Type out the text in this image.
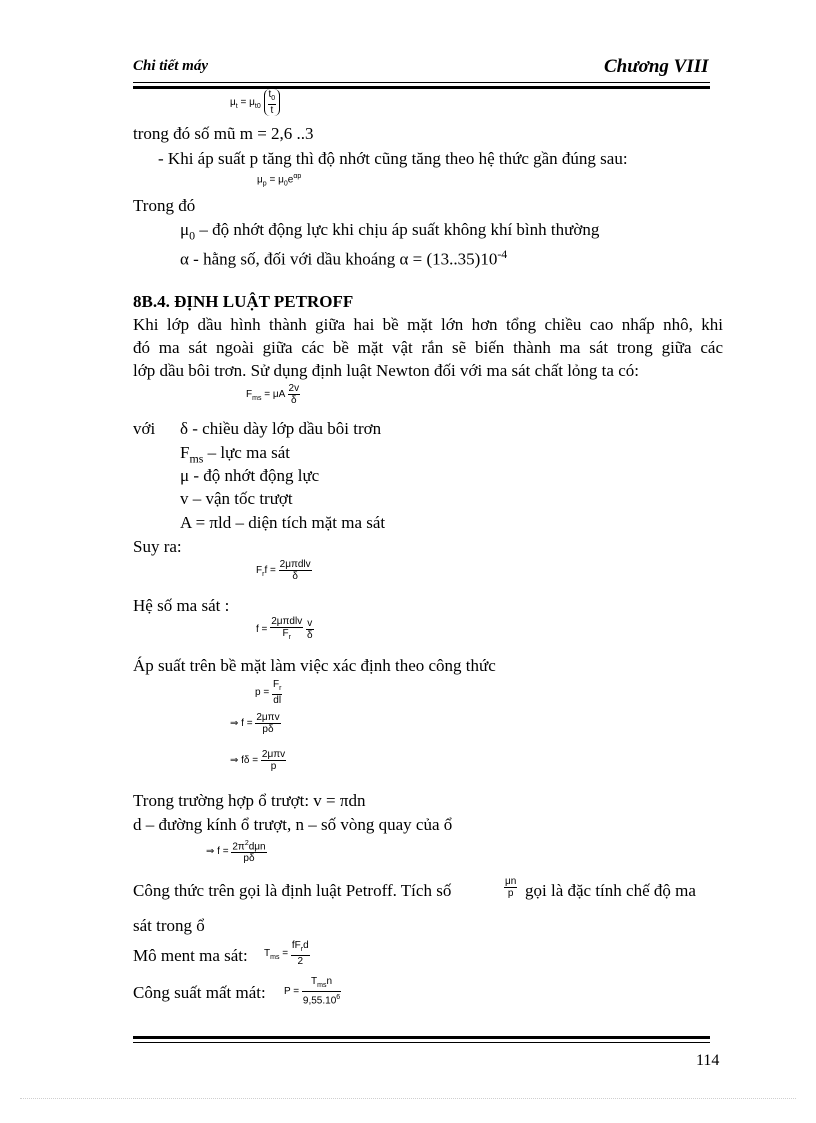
Chi tiết máy	Chương VIII
$\mu_t = \mu_{t0} \frac{t_0}{t}$
trong đó số mũ m = 2,6 ..3
- Khi áp suất p tăng thì độ nhớt cũng tăng theo hệ thức gần đúng sau:
$\mu_p = \mu_0e^{\alpha p}$
Trong đó
$\mu_0$ – độ nhớt động lực khi chịu áp suất không khí bình thường
α - hằng số, đối với dầu khoáng $\alpha = (13..35)10^{-4}$
8B.4. ĐỊNH LUẬT PETROFF
Khi lớp dầu hình thành giữa hai bề mặt lớn hơn tổng chiều cao nhấp nhô, khi
đó ma sát ngoài giữa các bề mặt vật rắn sẽ biến thành ma sát trong giữa các
lớp dầu bôi trơn. Sử dụng định luật Newton đối với ma sát chất lỏng ta có:
$F_{ms} = \mu A \frac{2v}{\delta}$
với δ - chiều dày lớp dầu bôi trơn
$F_{ms}$ – lực ma sát
μ - độ nhớt động lực
v – vận tốc trượt
A = πld – diện tích mặt ma sát
Suy ra:
$F_rf = \frac{\text{2μπdlv}}{\delta}$
Hệ số ma sát :
$f = \frac{\text{2μπdlv}}{F_r}$
$\frac{v}{\delta}$
Áp suất trên bề mặt làm việc xác định theo công thức
$p = \frac{F_r}{dl}$
⇒ $f = \frac{\text{2μπv}}{p\delta}$
⇒ $f\delta = \frac{\text{2μπv}}{p}$
Trong trường hợp ổ trượt: v = πdn
d – đường kính ổ trượt, n – số vòng quay của ổ
⇒ $f = \frac{2\pi^2d\mu n}{p\delta}$
Công thức trên gọi là định luật Petroff. Tích số	$\frac{\mu n}{p}$ gọi là đặc tính chế độ ma
sát trong ổ
Mô ment ma sát: $T_{ms} = \frac{fF_rd}{2}$
Công suất mất mát: $P = \frac{T_{ms}n}{9,55.10^6}$
114
